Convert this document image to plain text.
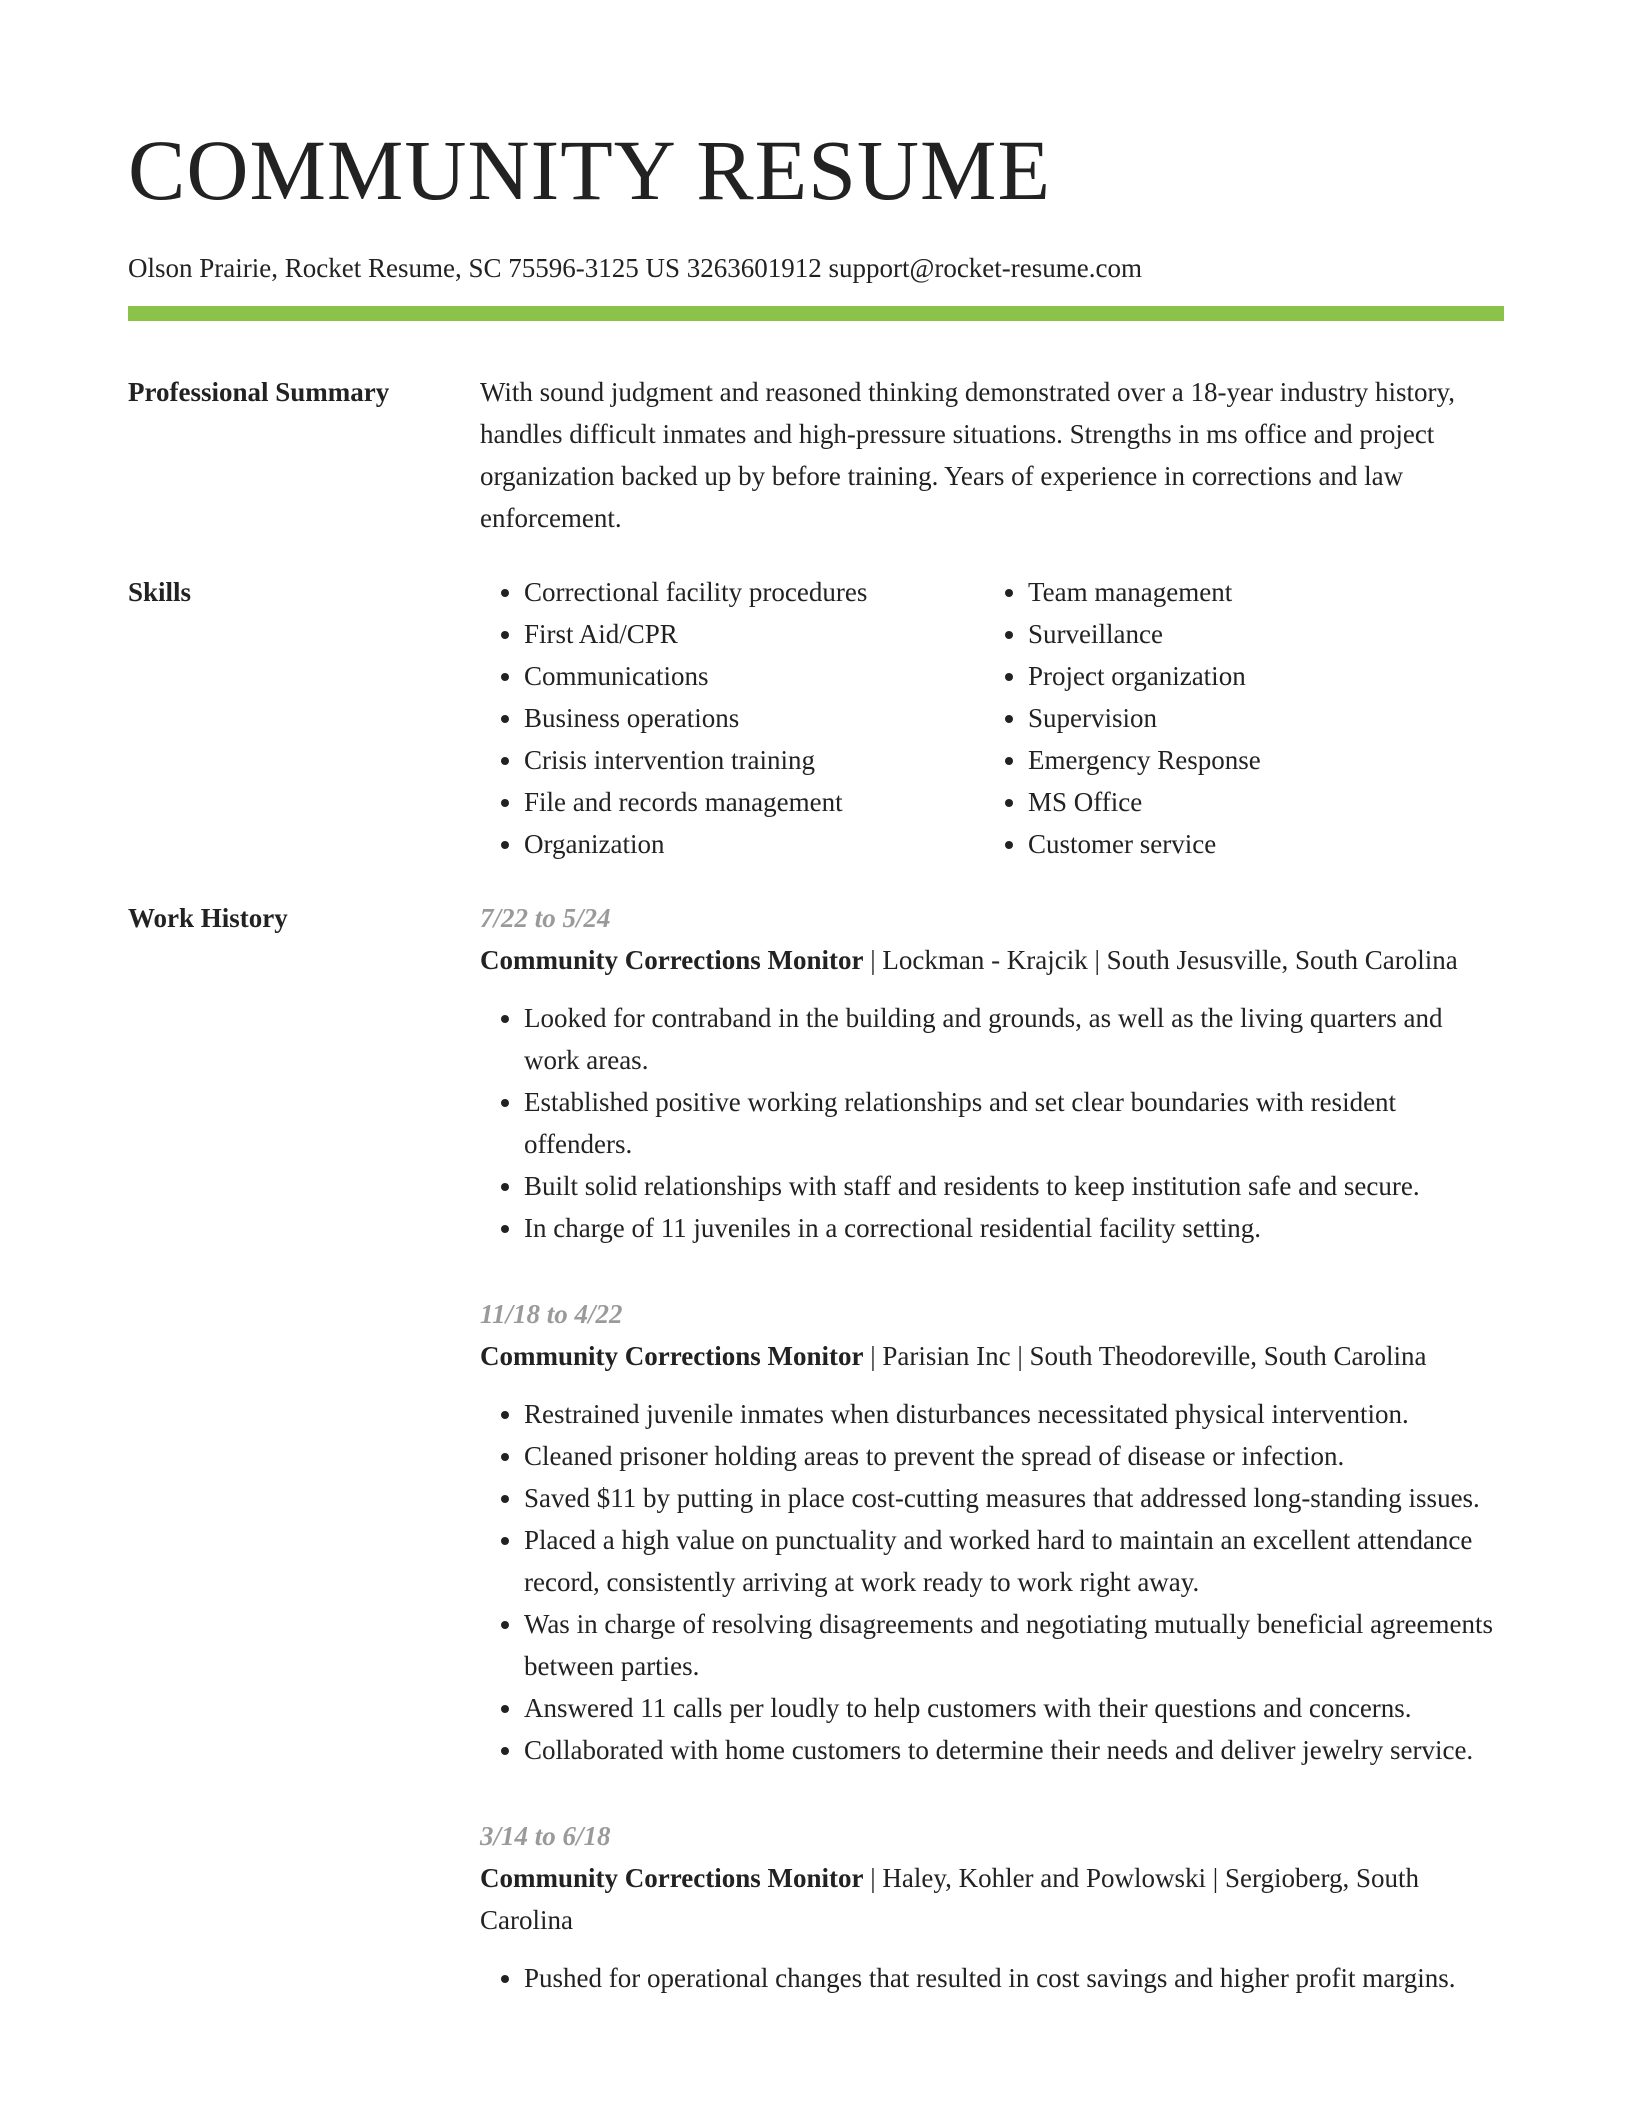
COMMUNITY RESUME
Olson Prairie, Rocket Resume, SC 75596-3125 US 3263601912 support@rocket-resume.com
Professional Summary	With sound judgment and reasoned thinking demonstrated over a 18-year industry history, handles difficult inmates and high-pressure situations. Strengths in ms office and project organization backed up by before training. Years of experience in corrections and law enforcement.

Skills
•	Correctional facility procedures
• First Aid/CPR
• Communications
• Business operations
• Crisis intervention training
• File and records management
• Organization
• Team management
• Surveillance
• Project organization
• Supervision
• Emergency Response
• MS Office
• Customer service
Work History	7/22 to 5/24
Community Corrections Monitor | Lockman - Krajcik | South Jesusville, South Carolina
• Looked for contraband in the building and grounds, as well as the living quarters and work areas.
• Established positive working relationships and set clear boundaries with resident offenders.
• Built solid relationships with staff and residents to keep institution safe and secure.
• In charge of 11 juveniles in a correctional residential facility setting.
11/18 to 4/22
Community Corrections Monitor | Parisian Inc | South Theodoreville, South Carolina
• Restrained juvenile inmates when disturbances necessitated physical intervention.
• Cleaned prisoner holding areas to prevent the spread of disease or infection.
• Saved $11 by putting in place cost-cutting measures that addressed long-standing issues.
• Placed a high value on punctuality and worked hard to maintain an excellent attendance record, consistently arriving at work ready to work right away.
• Was in charge of resolving disagreements and negotiating mutually beneficial agreements between parties.
• Answered 11 calls per loudly to help customers with their questions and concerns.
• Collaborated with home customers to determine their needs and deliver jewelry service.
3/14 to 6/18
Community Corrections Monitor | Haley, Kohler and Powlowski | Sergioberg, South Carolina
• Pushed for operational changes that resulted in cost savings and higher profit margins.
